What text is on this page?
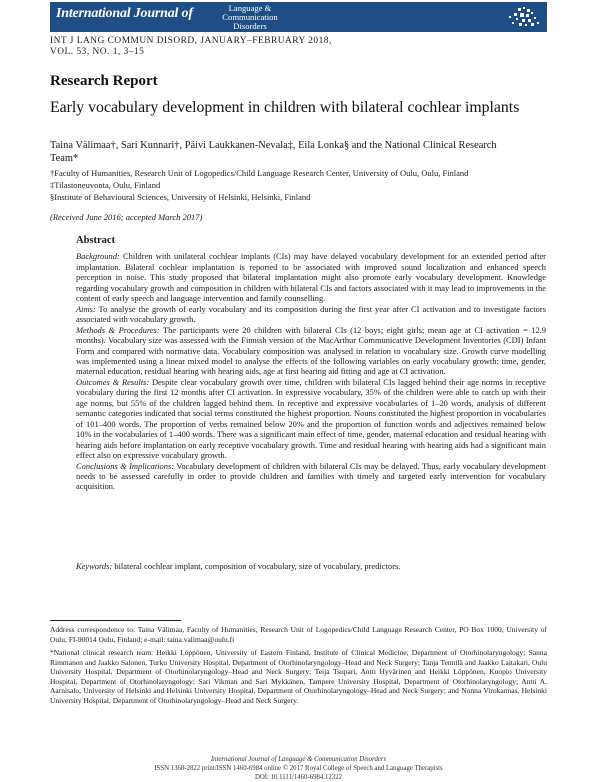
International Journal of	Language &
Communication
Disorders
INT J LANG COMMUN DISORD, JANUARY–FEBRUARY 2018,
VOL. 53, NO. 1, 3–15
Research Report
Early vocabulary development in children with bilateral cochlear implants
Taina Välimaa†, Sari Kunnari†, Päivi Laukkanen-Nevala‡, Eila Lonka§ and the National Clinical Research
Team*
†Faculty of Humanities, Research Unit of Logopedics/Child Language Research Center, University of Oulu, Oulu, Finland
‡Tilastoneuvonta, Oulu, Finland
§Institute of Behavioural Sciences, University of Helsinki, Helsinki, Finland
(Received June 2016; accepted March 2017)
Abstract

Background: Children with unilateral cochlear implants (CIs) may have delayed vocabulary development for an extended period after implantation. Bilateral cochlear implantation is reported to be associated with improved sound localization and enhanced speech perception in noise. This study proposed that bilateral implantation might also promote early vocabulary development. Knowledge regarding vocabulary growth and composition in children with bilateral CIs and factors associated with it may lead to improvements in the content of early speech and language intervention and family counselling.

Aims: To analyse the growth of early vocabulary and its composition during the first year after CI activation and to investigate factors associated with vocabulary growth.

Methods & Procedures: The participants were 20 children with bilateral CIs (12 boys; eight girls; mean age at CI activation = 12.9 months). Vocabulary size was assessed with the Finnish version of the MacArthur Communicative Development Inventories (CDI) Infant Form and compared with normative data. Vocabulary composition was analysed in relation to vocabulary size. Growth curve modelling was implemented using a linear mixed model to analyse the effects of the following variables on early vocabulary growth: time, gender, maternal education, residual hearing with hearing aids, age at first hearing aid fitting and age at CI activation.

Outcomes & Results: Despite clear vocabulary growth over time, children with bilateral CIs lagged behind their age norms in receptive vocabulary during the first 12 months after CI activation. In expressive vocabulary, 35% of the children were able to catch up with their age norms, but 55% of the children lagged behind them. In receptive and expressive vocabularies of 1–20 words, analysis of different semantic categories indicated that social terms constituted the highest proportion. Nouns constituted the highest proportion in vocabularies of 101–400 words. The proportion of verbs remained below 20% and the proportion of function words and adjectives remained below 10% in the vocabularies of 1–400 words. There was a significant main effect of time, gender, maternal education and residual hearing with hearing aids before implantation on early receptive vocabulary growth. Time and residual hearing with hearing aids had a significant main effect also on expressive vocabulary growth.

Conclusions & Implications: Vocabulary development of children with bilateral CIs may be delayed. Thus, early vocabulary development needs to be assessed carefully in order to provide children and families with timely and targeted early intervention for vocabulary acquisition.

Keywords: bilateral cochlear implant, composition of vocabulary, size of vocabulary, predictors.
Address correspondence to: Taina Välimaa, Faculty of Humanities, Research Unit of Logopedics/Child Language Research Center, PO Box 1000, University of Oulu, FI-90014 Oulu, Finland; e-mail: taina.valimaa@oulu.fi
*National clinical research team: Heikki Löppönen, University of Eastern Finland, Institute of Clinical Medicine, Department of Otorhinolaryngology; Sanna Rimmanen and Jaakko Salonen, Turku University Hospital, Department of Otorhinolaryngology–Head and Neck Surgery; Tanja Tennilä and Jaakko Laitakari, Oulu University Hospital, Department of Otorhinolaryngology–Head and Neck Surgery; Teija Tsupari, Antti Hyvärinen and Heikki Löppönen, Kuopio University Hospital, Department of Otorhinolaryngology; Sari Vikman and Sari Mykkänen, Tampere University Hospital, Department of Otorhinolaryngology; Antti A. Aarnisalo, University of Helsinki and Helsinki University Hospital, Department of Otorhinolaryngology–Head and Neck Surgery; and Nonna Virokannas, Helsinki University Hospital, Department of Otorhinolaryngology–Head and Neck Surgery.
International Journal of Language & Communication Disorders
ISSN 1368-2822 print/ISSN 1460-6984 online © 2017 Royal College of Speech and Language Therapists
DOI: 10.1111/1460-6984.12322
